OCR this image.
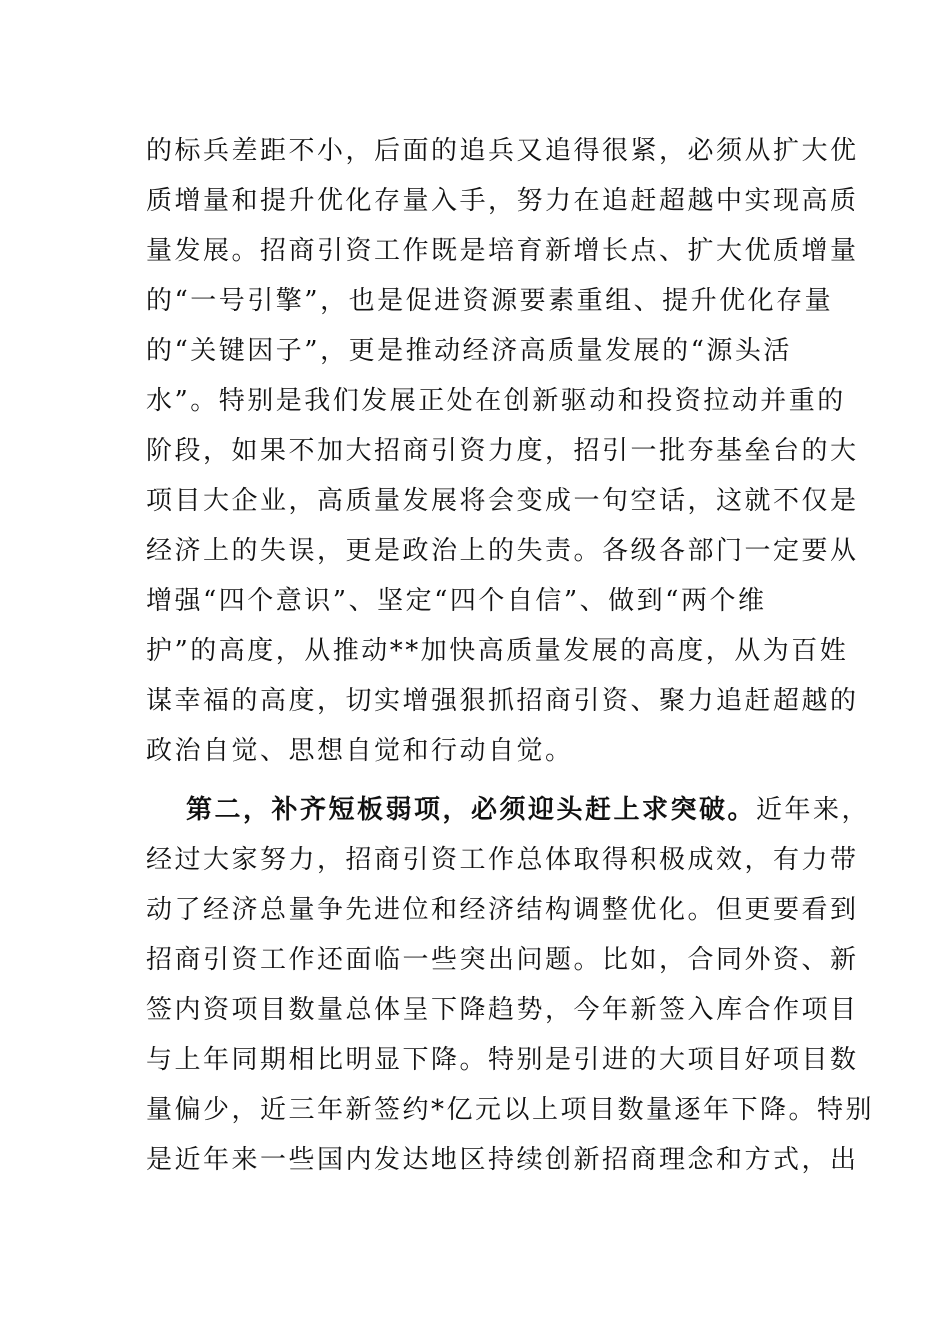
的标兵差距不小，后面的追兵又追得很紧，必须从扩大优
质增量和提升优化存量入手，努力在追赶超越中实现高质
量发展。招商引资工作既是培育新增长点、扩大优质增量
的“一号引擎”，也是促进资源要素重组、提升优化存量
的“关键因子”，更是推动经济高质量发展的“源头活
水”。特别是我们发展正处在创新驱动和投资拉动并重的
阶段，如果不加大招商引资力度，招引一批夯基垒台的大
项目大企业，高质量发展将会变成一句空话，这就不仅是
经济上的失误，更是政治上的失责。各级各部门一定要从
增强“四个意识”、坚定“四个自信”、做到“两个维
护”的高度，从推动**加快高质量发展的高度，从为百姓
谋幸福的高度，切实增强狠抓招商引资、聚力追赶超越的
政治自觉、思想自觉和行动自觉。
第二，补齐短板弱项，必须迎头赶上求突破。近年来，
经过大家努力，招商引资工作总体取得积极成效，有力带
动了经济总量争先进位和经济结构调整优化。但更要看到
招商引资工作还面临一些突出问题。比如，合同外资、新
签内资项目数量总体呈下降趋势，今年新签入库合作项目
与上年同期相比明显下降。特别是引进的大项目好项目数
量偏少，近三年新签约*亿元以上项目数量逐年下降。特别
是近年来一些国内发达地区持续创新招商理念和方式，出
